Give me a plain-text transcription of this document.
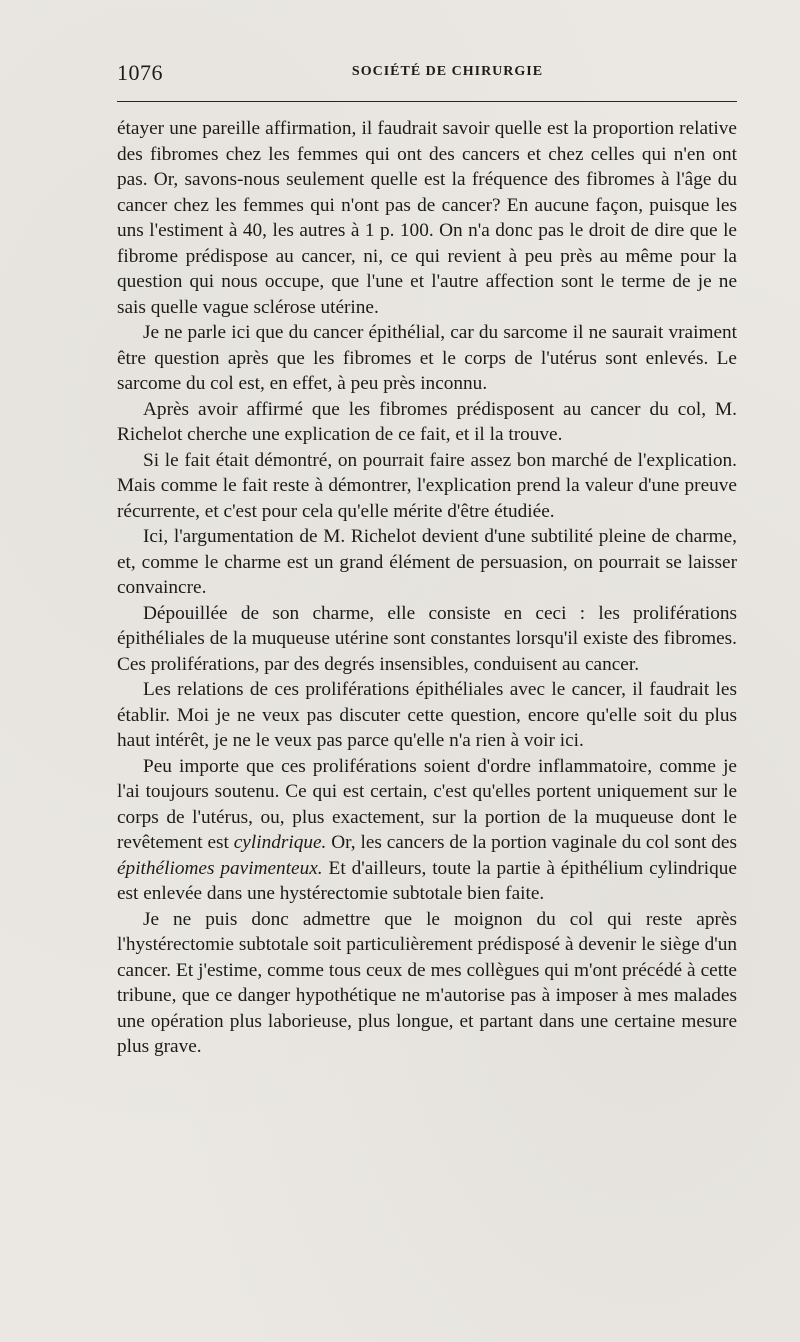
1076	SOCIÉTÉ DE CHIRURGIE

étayer une pareille affirmation, il faudrait savoir quelle est la proportion relative des fibromes chez les femmes qui ont des cancers et chez celles qui n'en ont pas. Or, savons-nous seulement quelle est la fréquence des fibromes à l'âge du cancer chez les femmes qui n'ont pas de cancer? En aucune façon, puisque les uns l'estiment à 40, les autres à 1 p. 100. On n'a donc pas le droit de dire que le fibrome prédispose au cancer, ni, ce qui revient à peu près au même pour la question qui nous occupe, que l'une et l'autre affection sont le terme de je ne sais quelle vague sclérose utérine.

Je ne parle ici que du cancer épithélial, car du sarcome il ne saurait vraiment être question après que les fibromes et le corps de l'utérus sont enlevés. Le sarcome du col est, en effet, à peu près inconnu.

Après avoir affirmé que les fibromes prédisposent au cancer du col, M. Richelot cherche une explication de ce fait, et il la trouve.

Si le fait était démontré, on pourrait faire assez bon marché de l'explication. Mais comme le fait reste à démontrer, l'explication prend la valeur d'une preuve récurrente, et c'est pour cela qu'elle mérite d'être étudiée.

Ici, l'argumentation de M. Richelot devient d'une subtilité pleine de charme, et, comme le charme est un grand élément de persuasion, on pourrait se laisser convaincre.

Dépouillée de son charme, elle consiste en ceci : les proliférations épithéliales de la muqueuse utérine sont constantes lorsqu'il existe des fibromes. Ces proliférations, par des degrés insensibles, conduisent au cancer.

Les relations de ces proliférations épithéliales avec le cancer, il faudrait les établir. Moi je ne veux pas discuter cette question, encore qu'elle soit du plus haut intérêt, je ne le veux pas parce qu'elle n'a rien à voir ici.

Peu importe que ces proliférations soient d'ordre inflammatoire, comme je l'ai toujours soutenu. Ce qui est certain, c'est qu'elles portent uniquement sur le corps de l'utérus, ou, plus exactement, sur la portion de la muqueuse dont le revêtement est cylindrique. Or, les cancers de la portion vaginale du col sont des épithéliomes pavimenteux. Et d'ailleurs, toute la partie à épithélium cylindrique est enlevée dans une hystérectomie subtotale bien faite.

Je ne puis donc admettre que le moignon du col qui reste après l'hystérectomie subtotale soit particulièrement prédisposé à devenir le siège d'un cancer. Et j'estime, comme tous ceux de mes collègues qui m'ont précédé à cette tribune, que ce danger hypothétique ne m'autorise pas à imposer à mes malades une opération plus laborieuse, plus longue, et partant dans une certaine mesure plus grave.
